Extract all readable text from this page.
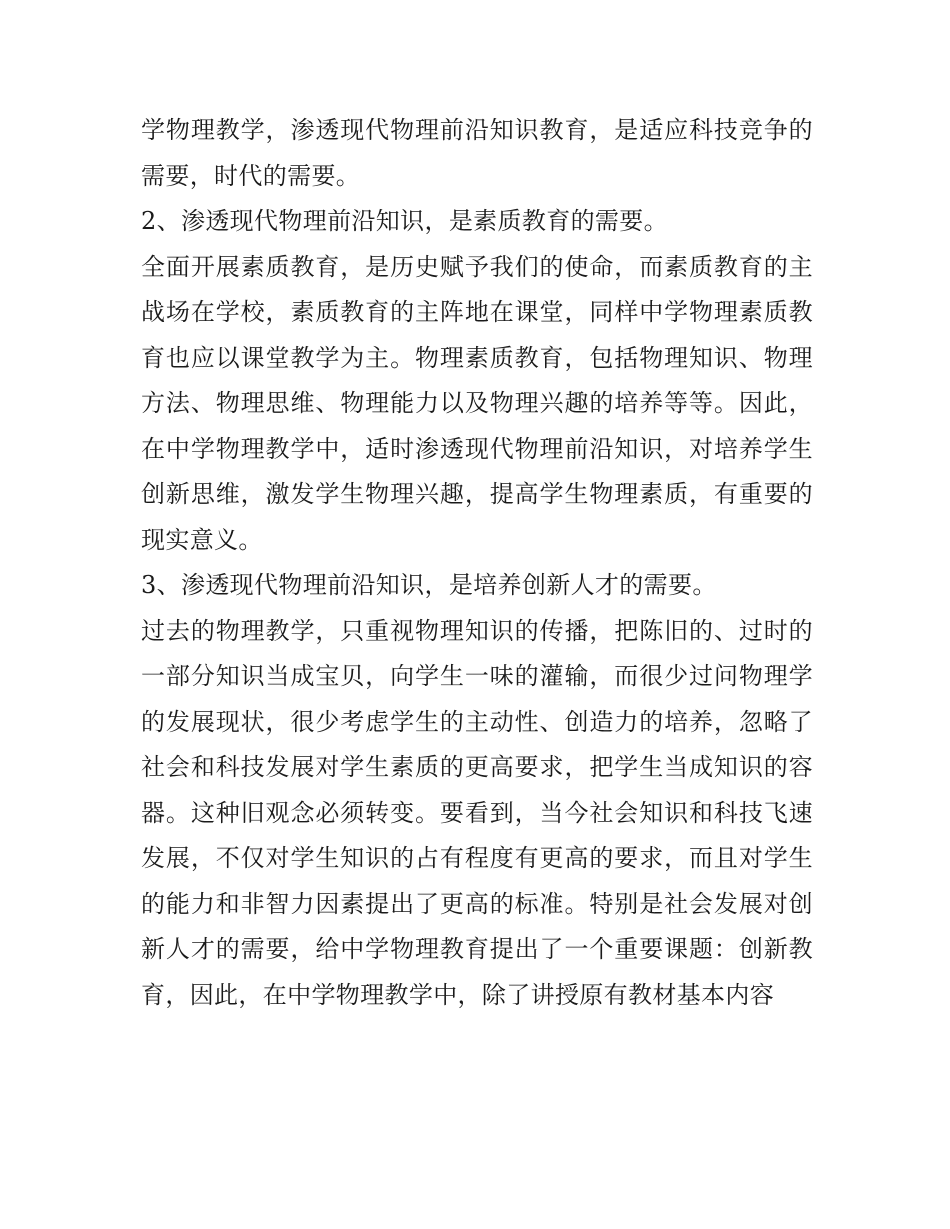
学物理教学，渗透现代物理前沿知识教育，是适应科技竞争的
需要，时代的需要。
2、渗透现代物理前沿知识，是素质教育的需要。
全面开展素质教育，是历史赋予我们的使命，而素质教育的主
战场在学校，素质教育的主阵地在课堂，同样中学物理素质教
育也应以课堂教学为主。物理素质教育，包括物理知识、物理
方法、物理思维、物理能力以及物理兴趣的培养等等。因此，
在中学物理教学中，适时渗透现代物理前沿知识，对培养学生
创新思维，激发学生物理兴趣，提高学生物理素质，有重要的
现实意义。
3、渗透现代物理前沿知识，是培养创新人才的需要。
过去的物理教学，只重视物理知识的传播，把陈旧的、过时的
一部分知识当成宝贝，向学生一味的灌输，而很少过问物理学
的发展现状，很少考虑学生的主动性、创造力的培养，忽略了
社会和科技发展对学生素质的更高要求，把学生当成知识的容
器。这种旧观念必须转变。要看到，当今社会知识和科技飞速
发展，不仅对学生知识的占有程度有更高的要求，而且对学生
的能力和非智力因素提出了更高的标准。特别是社会发展对创
新人才的需要，给中学物理教育提出了一个重要课题：创新教
育，因此，在中学物理教学中，除了讲授原有教材基本内容
